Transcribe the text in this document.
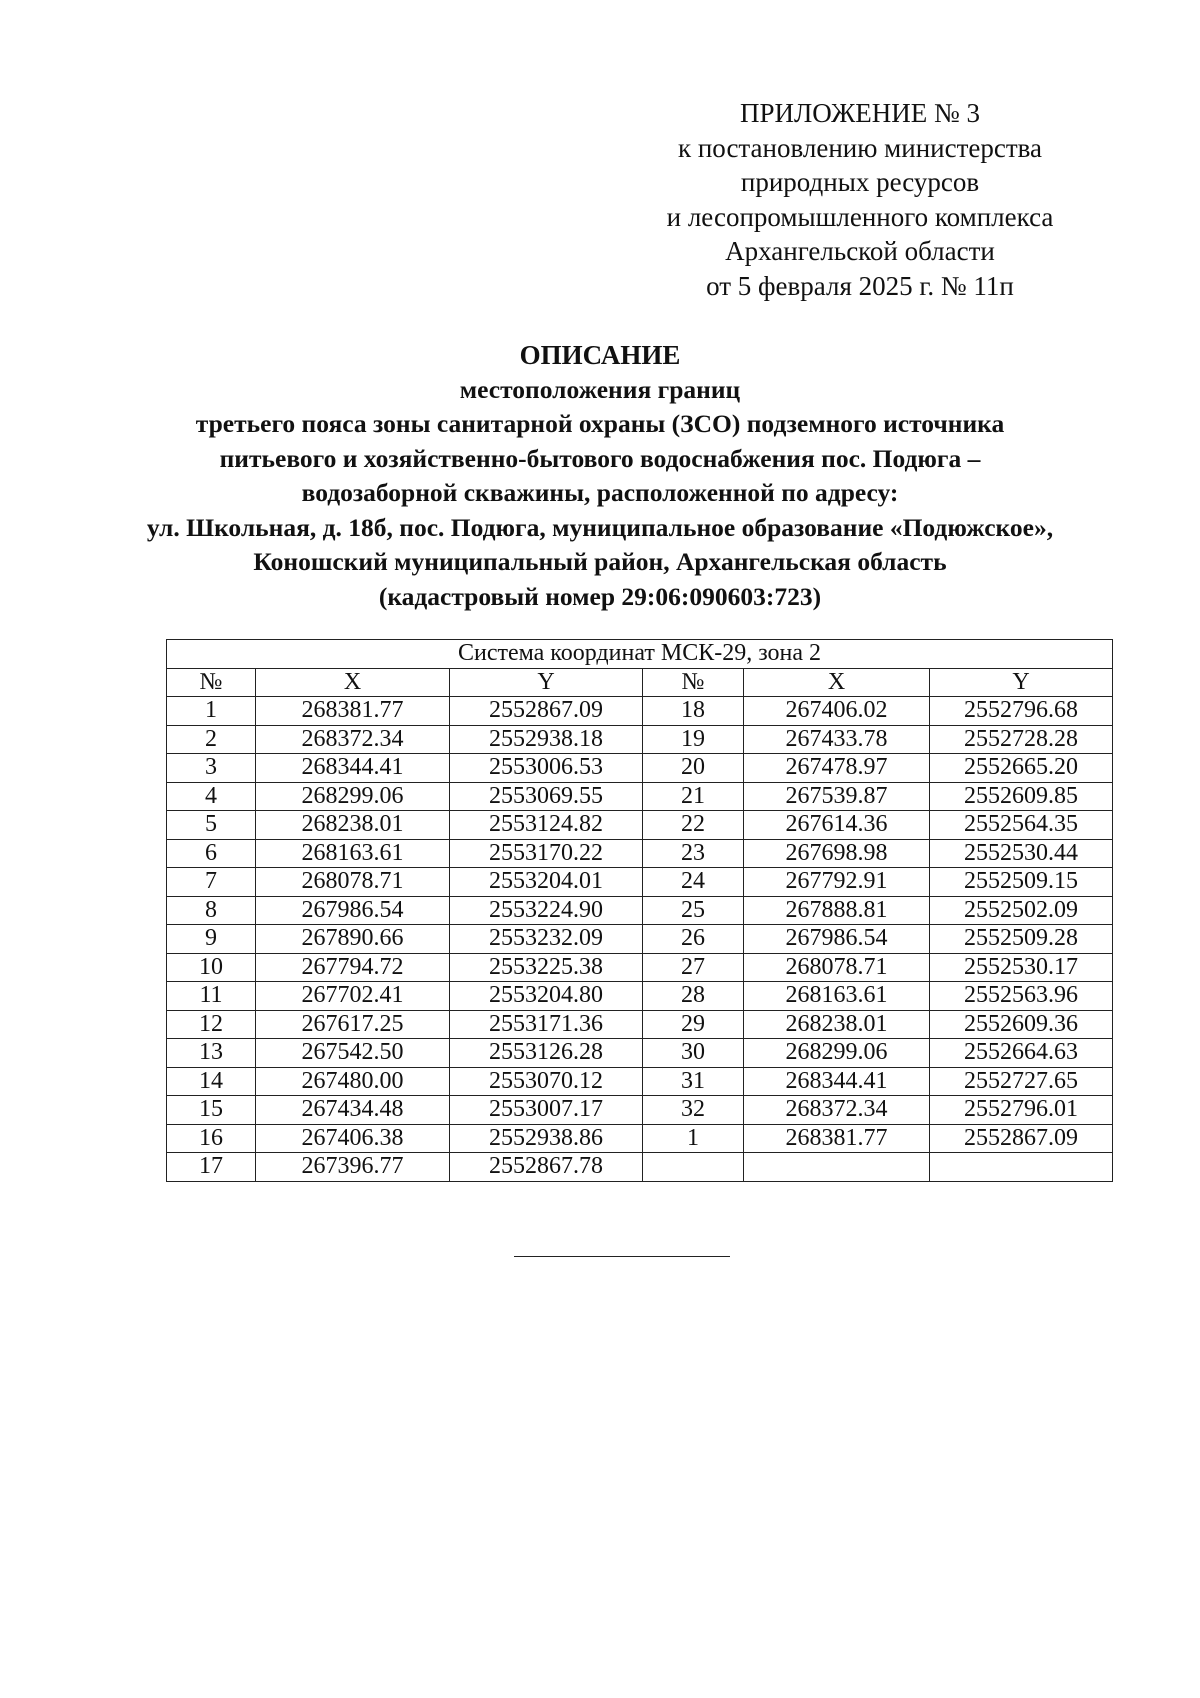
ПРИЛОЖЕНИЕ № 3
к постановлению министерства
природных ресурсов
и лесопромышленного комплекса
Архангельской области
от 5 февраля 2025 г. № 11п
ОПИСАНИЕ
местоположения границ
третьего пояса зоны санитарной охраны (ЗСО) подземного источника
питьевого и хозяйственно-бытового водоснабжения пос. Подюга –
водозаборной скважины, расположенной по адресу:
ул. Школьная, д. 18б, пос. Подюга, муниципальное образование «Подюжское»,
Коношский муниципальный район, Архангельская область
(кадастровый номер 29:06:090603:723)
Система координат МСК-29, зона 2					
№	X	Y	№	X	Y
1	268381.77	2552867.09	18	267406.02	2552796.68
2	268372.34	2552938.18	19	267433.78	2552728.28
3	268344.41	2553006.53	20	267478.97	2552665.20
4	268299.06	2553069.55	21	267539.87	2552609.85
5	268238.01	2553124.82	22	267614.36	2552564.35
6	268163.61	2553170.22	23	267698.98	2552530.44
7	268078.71	2553204.01	24	267792.91	2552509.15
8	267986.54	2553224.90	25	267888.81	2552502.09
9	267890.66	2553232.09	26	267986.54	2552509.28
10	267794.72	2553225.38	27	268078.71	2552530.17
11	267702.41	2553204.80	28	268163.61	2552563.96
12	267617.25	2553171.36	29	268238.01	2552609.36
13	267542.50	2553126.28	30	268299.06	2552664.63
14	267480.00	2553070.12	31	268344.41	2552727.65
15	267434.48	2553007.17	32	268372.34	2552796.01
16	267406.38	2552938.86	1	268381.77	2552867.09
17	267396.77	2552867.78			
